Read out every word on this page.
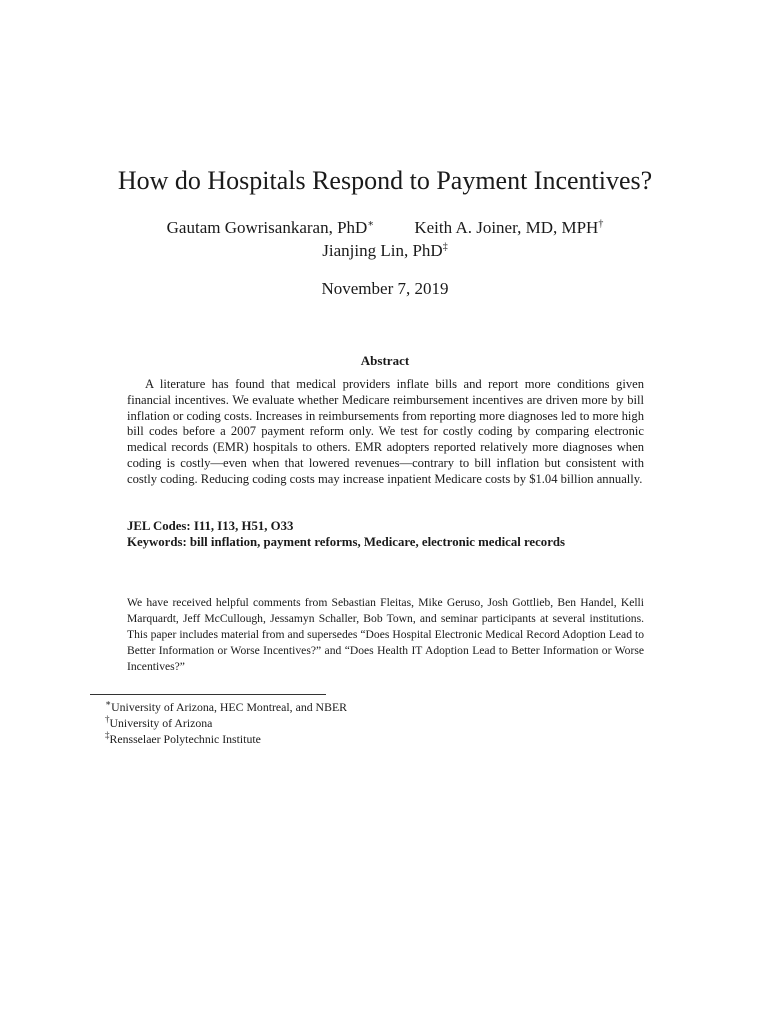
How do Hospitals Respond to Payment Incentives?
Gautam Gowrisankaran, PhD∗ Keith A. Joiner, MD, MPH†
Jianjing Lin, PhD‡
November 7, 2019
Abstract

A literature has found that medical providers inflate bills and report more conditions given financial incentives. We evaluate whether Medicare reimbursement incentives are driven more by bill inflation or coding costs. Increases in reimbursements from reporting more diagnoses led to more high bill codes before a 2007 payment reform only. We test for costly coding by comparing electronic medical records (EMR) hospitals to others. EMR adopters reported relatively more diagnoses when coding is costly—even when that lowered revenues—contrary to bill inflation but consistent with costly coding. Reducing coding costs may increase inpatient Medicare costs by $1.04 billion annually.

JEL Codes: I11, I13, H51, O33
Keywords: bill inflation, payment reforms, Medicare, electronic medical records

We have received helpful comments from Sebastian Fleitas, Mike Geruso, Josh Gottlieb, Ben Handel, Kelli Marquardt, Jeff McCullough, Jessamyn Schaller, Bob Town, and seminar participants at several institutions. This paper includes material from and supersedes “Does Hospital Electronic Medical Record Adoption Lead to Better Information or Worse Incentives?” and “Does Health IT Adoption Lead to Better Information or Worse Incentives?”

∗University of Arizona, HEC Montreal, and NBER
†University of Arizona
‡Rensselaer Polytechnic Institute
